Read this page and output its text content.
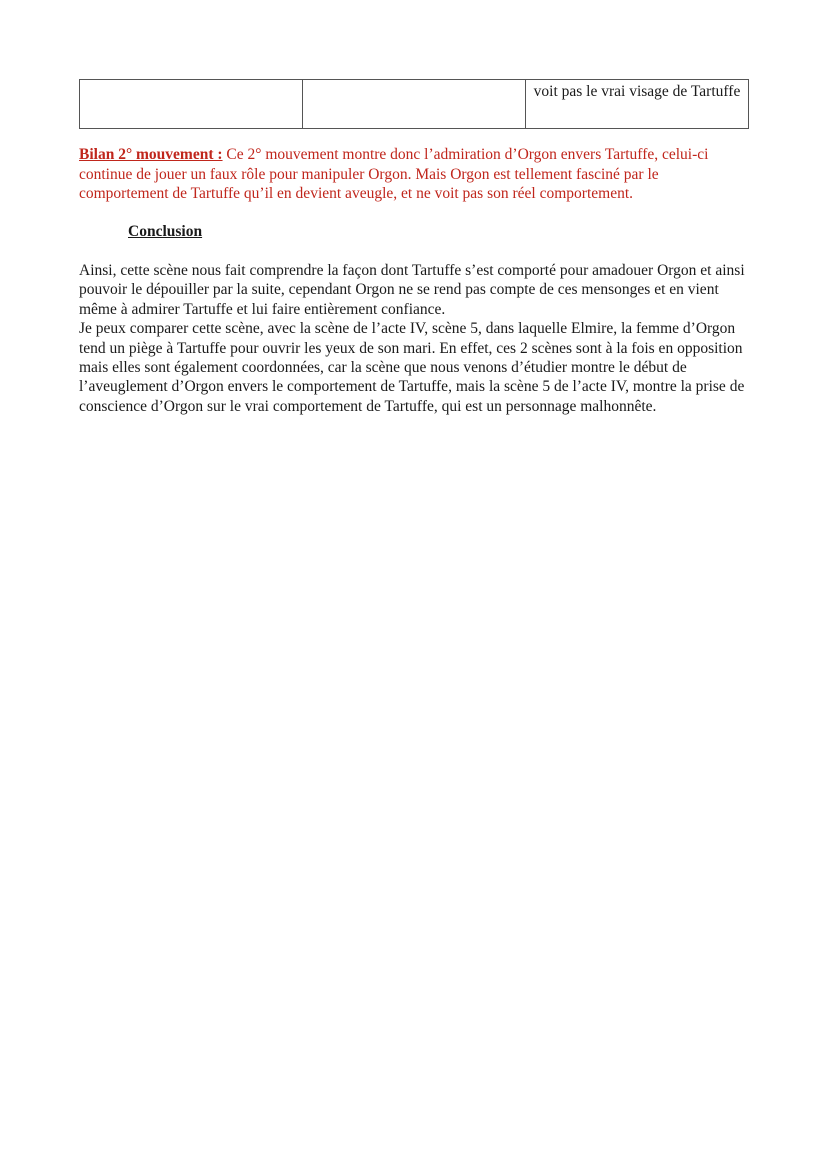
		voit pas le vrai visage de Tartuffe

Bilan 2° mouvement : Ce 2° mouvement montre donc l’admiration d’Orgon envers Tartuffe, celui-ci continue de jouer un faux rôle pour manipuler Orgon. Mais Orgon est tellement fasciné par le comportement de Tartuffe qu’il en devient aveugle, et ne voit pas son réel comportement.

Conclusion

Ainsi, cette scène nous fait comprendre la façon dont Tartuffe s’est comporté pour amadouer Orgon et ainsi pouvoir le dépouiller par la suite, cependant Orgon ne se rend pas compte de ces mensonges et en vient même à admirer Tartuffe et lui faire entièrement confiance.

Je peux comparer cette scène, avec la scène de l’acte IV, scène 5, dans laquelle Elmire, la femme d’Orgon tend un piège à Tartuffe pour ouvrir les yeux de son mari. En effet, ces 2 scènes sont à la fois en opposition mais elles sont également coordonnées, car la scène que nous venons d’étudier montre le début de l’aveuglement d’Orgon envers le comportement de Tartuffe, mais la scène 5 de l’acte IV, montre la prise de conscience d’Orgon sur le vrai comportement de Tartuffe, qui est un personnage malhonnête.
